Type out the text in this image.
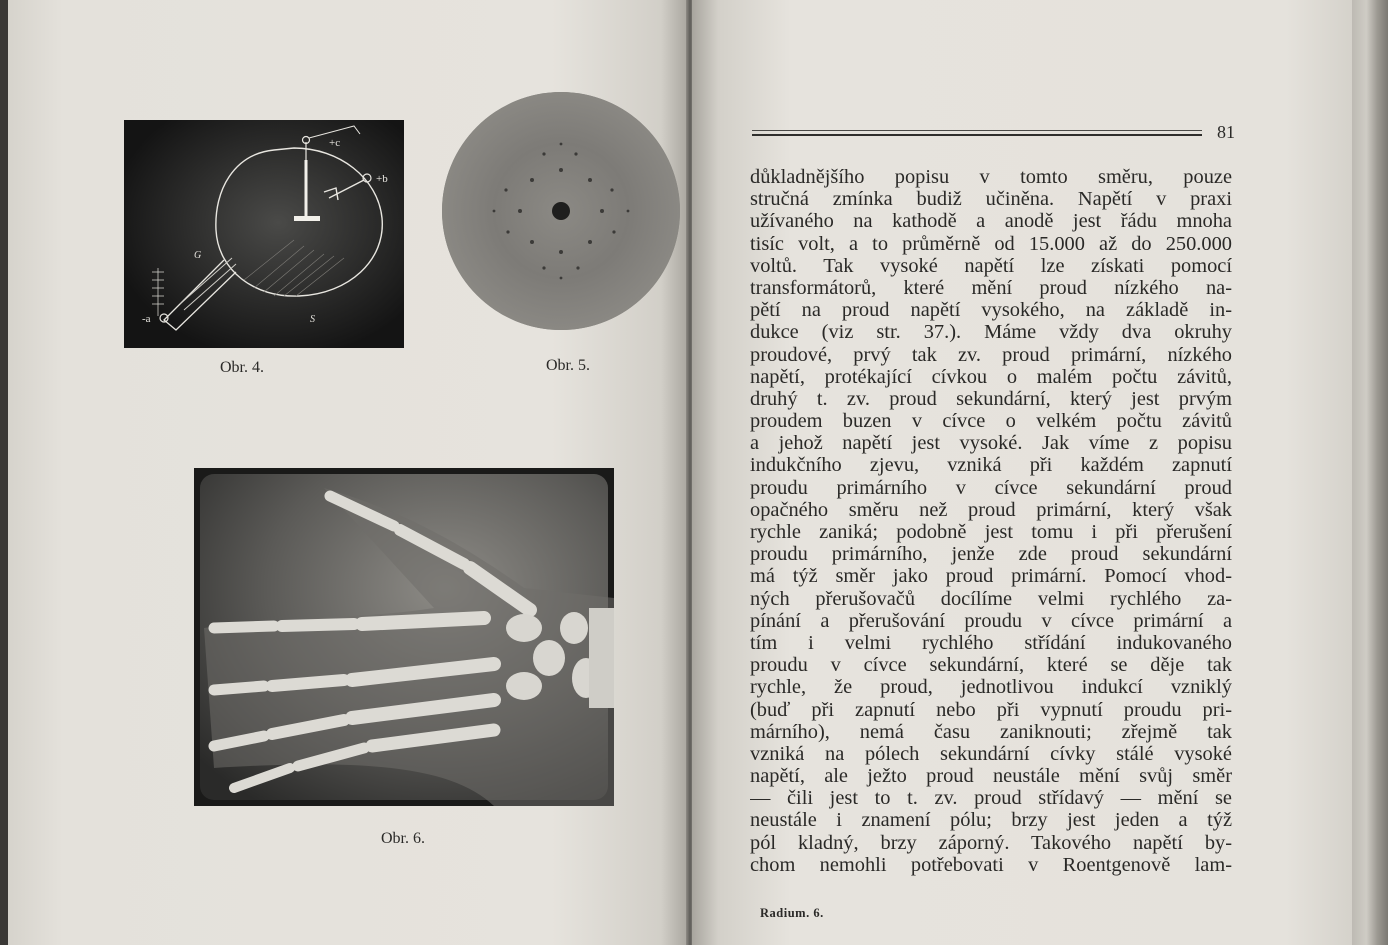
+c
+b
-a
G
S
Obr. 4.	Obr. 5.
Obr. 6.
81
důkladnějšího popisu v tomto směru, pouze
stručná zmínka budiž učiněna. Napětí v praxi
užívaného na kathodě a anodě jest řádu mnoha
tisíc volt, a to průměrně od 15.000 až do 250.000
voltů. Tak vysoké napětí lze získati pomocí
transformátorů, které mění proud nízkého na-
pětí na proud napětí vysokého, na základě in-
dukce (viz str. 37.). Máme vždy dva okruhy
proudové, prvý tak zv. proud primární, nízkého
napětí, protékající cívkou o malém počtu závitů,
druhý t. zv. proud sekundární, který jest prvým
proudem buzen v cívce o velkém počtu závitů
a jehož napětí jest vysoké. Jak víme z popisu
indukčního zjevu, vzniká při každém zapnutí
proudu primárního v cívce sekundární proud
opačného směru než proud primární, který však
rychle zaniká; podobně jest tomu i při přerušení
proudu primárního, jenže zde proud sekundární
má týž směr jako proud primární. Pomocí vhod-
ných přerušovačů docílíme velmi rychlého za-
pínání a přerušování proudu v cívce primární a
tím i velmi rychlého střídání indukovaného
proudu v cívce sekundární, které se děje tak
rychle, že proud, jednotlivou indukcí vzniklý
(buď při zapnutí nebo při vypnutí proudu pri-
márního), nemá času zaniknouti; zřejmě tak
vzniká na pólech sekundární cívky stálé vysoké
napětí, ale ježto proud neustále mění svůj směr
— čili jest to t. zv. proud střídavý — mění se
neustále i znamení pólu; brzy jest jeden a týž
pól kladný, brzy záporný. Takového napětí by-
chom nemohli potřebovati v Roentgenově lam-
Radium. 6.
